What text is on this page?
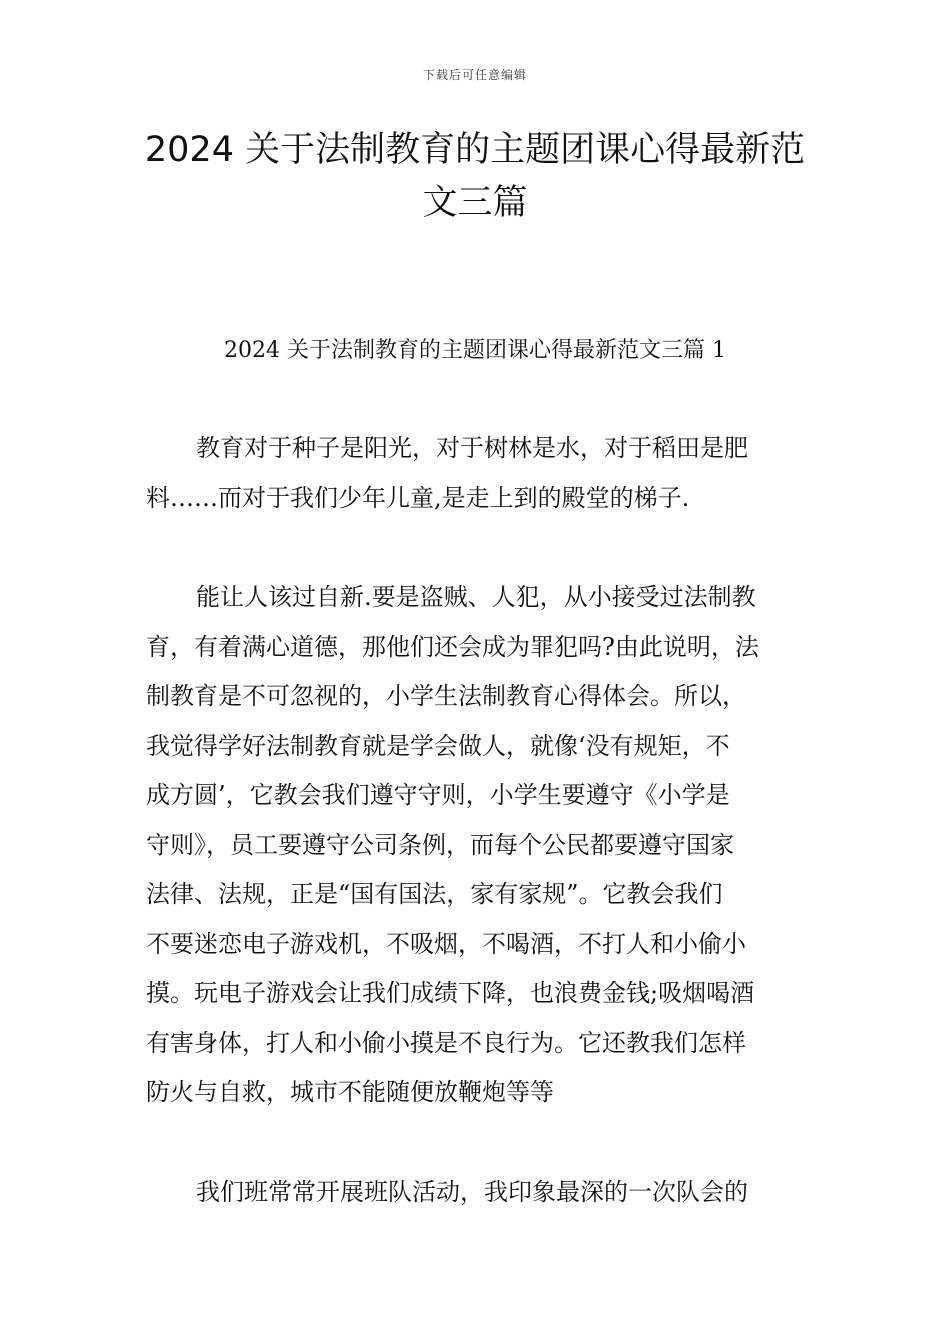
下载后可任意编辑
2024 关于法制教育的主题团课心得最新范
文三篇
2024 关于法制教育的主题团课心得最新范文三篇 1
教育对于种子是阳光，对于树林是水，对于稻田是肥
料……而对于我们少年儿童,是走上到的殿堂的梯子.
能让人该过自新.要是盗贼、人犯，从小接受过法制教
育，有着满心道德，那他们还会成为罪犯吗?由此说明，法
制教育是不可忽视的，小学生法制教育心得体会。所以，
我觉得学好法制教育就是学会做人，就像‘没有规矩，不
成方圆’，它教会我们遵守守则，小学生要遵守《小学是
守则》，员工要遵守公司条例，而每个公民都要遵守国家
法律、法规，正是“国有国法，家有家规”。它教会我们
不要迷恋电子游戏机，不吸烟，不喝酒，不打人和小偷小
摸。玩电子游戏会让我们成绩下降，也浪费金钱;吸烟喝酒
有害身体，打人和小偷小摸是不良行为。它还教我们怎样
防火与自救，城市不能随便放鞭炮等等
我们班常常开展班队活动，我印象最深的一次队会的
